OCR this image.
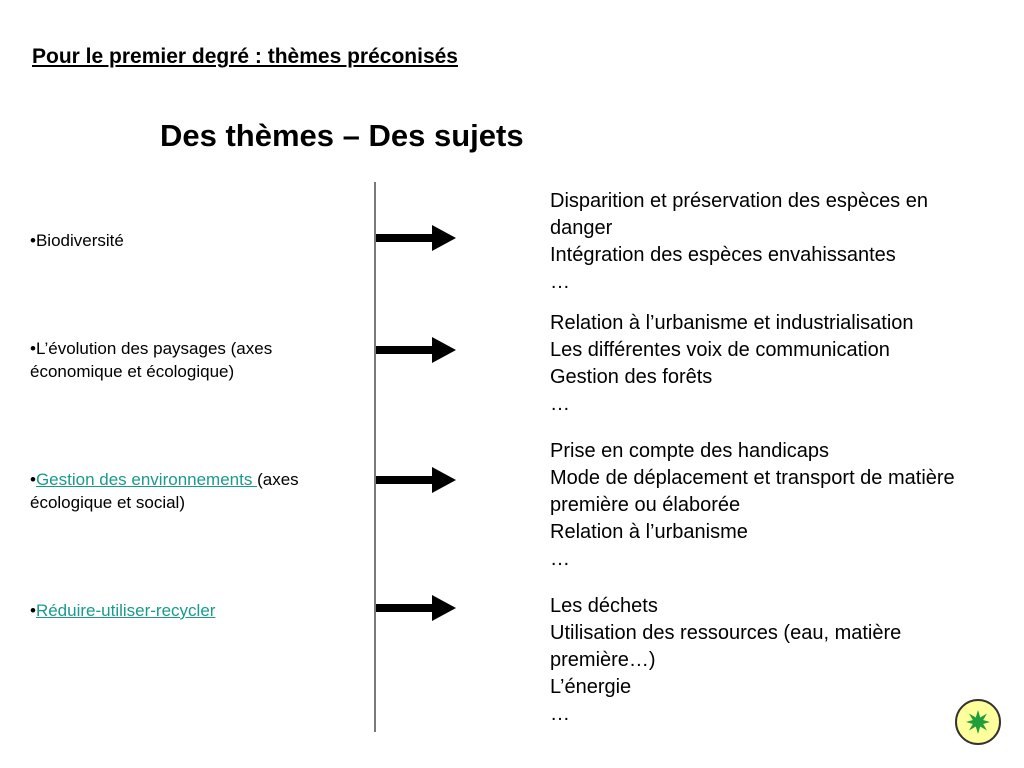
Pour le premier degré : thèmes préconisés
Des thèmes – Des sujets
•Biodiversité
Disparition et préservation des espèces en danger
Intégration des espèces envahissantes
…
•L’évolution des paysages (axes économique et écologique)
Relation à l’urbanisme et industrialisation
Les différentes voix de communication
Gestion des forêts
…
•Gestion des environnements (axes écologique et social)
Prise en compte des handicaps
Mode de déplacement et transport de matière première ou élaborée
Relation à l’urbanisme
…
•Réduire-utiliser-recycler	Les déchets
Utilisation des ressources (eau, matière première…)
L’énergie
…
